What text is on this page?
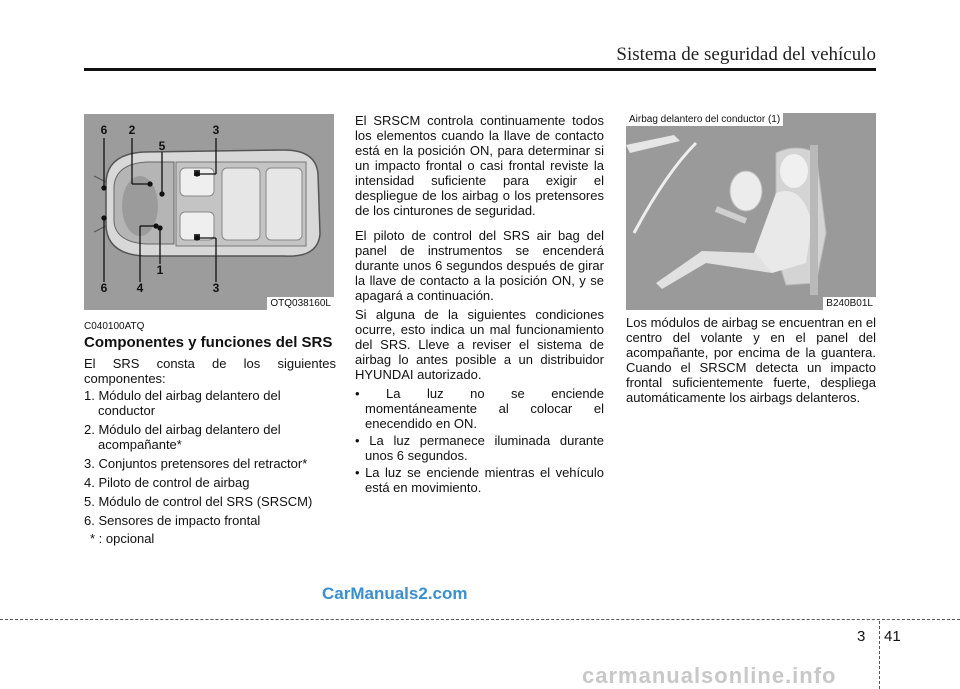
Sistema de seguridad del vehículo
6	2	3
5
6	4
1
3
OTQ038160L
C040100ATQ
Componentes y funciones del SRS
El SRS consta de los siguientes componentes:
1. Módulo del airbag delantero del conductor
2. Módulo del airbag delantero del acompañante*
3. Conjuntos pretensores del retractor*
4. Piloto de control de airbag
5. Módulo de control del SRS (SRSCM)
6. Sensores de impacto frontal
* : opcional
El SRSCM controla continuamente todos los elementos cuando la llave de contacto está en la posición ON, para determinar si un impacto frontal o casi frontal reviste la intensidad suficiente para exigir el despliegue de los airbag o los pretensores de los cinturones de seguridad.
El piloto de control del SRS air bag del panel de instrumentos se encenderá durante unos 6 segundos después de girar la llave de contacto a la posición ON, y se apagará a continuación.
Si alguna de la siguientes condiciones ocurre, esto indica un mal funcionamiento del SRS. Lleve a reviser el sistema de airbag lo antes posible a un distribuidor HYUNDAI autorizado.
• La luz no se enciende momentáneamente al colocar el enecendido en ON.
• La luz permanece iluminada durante unos 6 segundos.
• La luz se enciende mientras el vehículo está en movimiento.
Airbag delantero del conductor (1)
B240B01L
Los módulos de airbag se encuentran en el centro del volante y en el panel del acompañante, por encima de la guantera. Cuando el SRSCM detecta un impacto frontal suficientemente fuerte, despliega automáticamente los airbags delanteros.
CarManuals2.com
3 41
carmanualsonline.info
